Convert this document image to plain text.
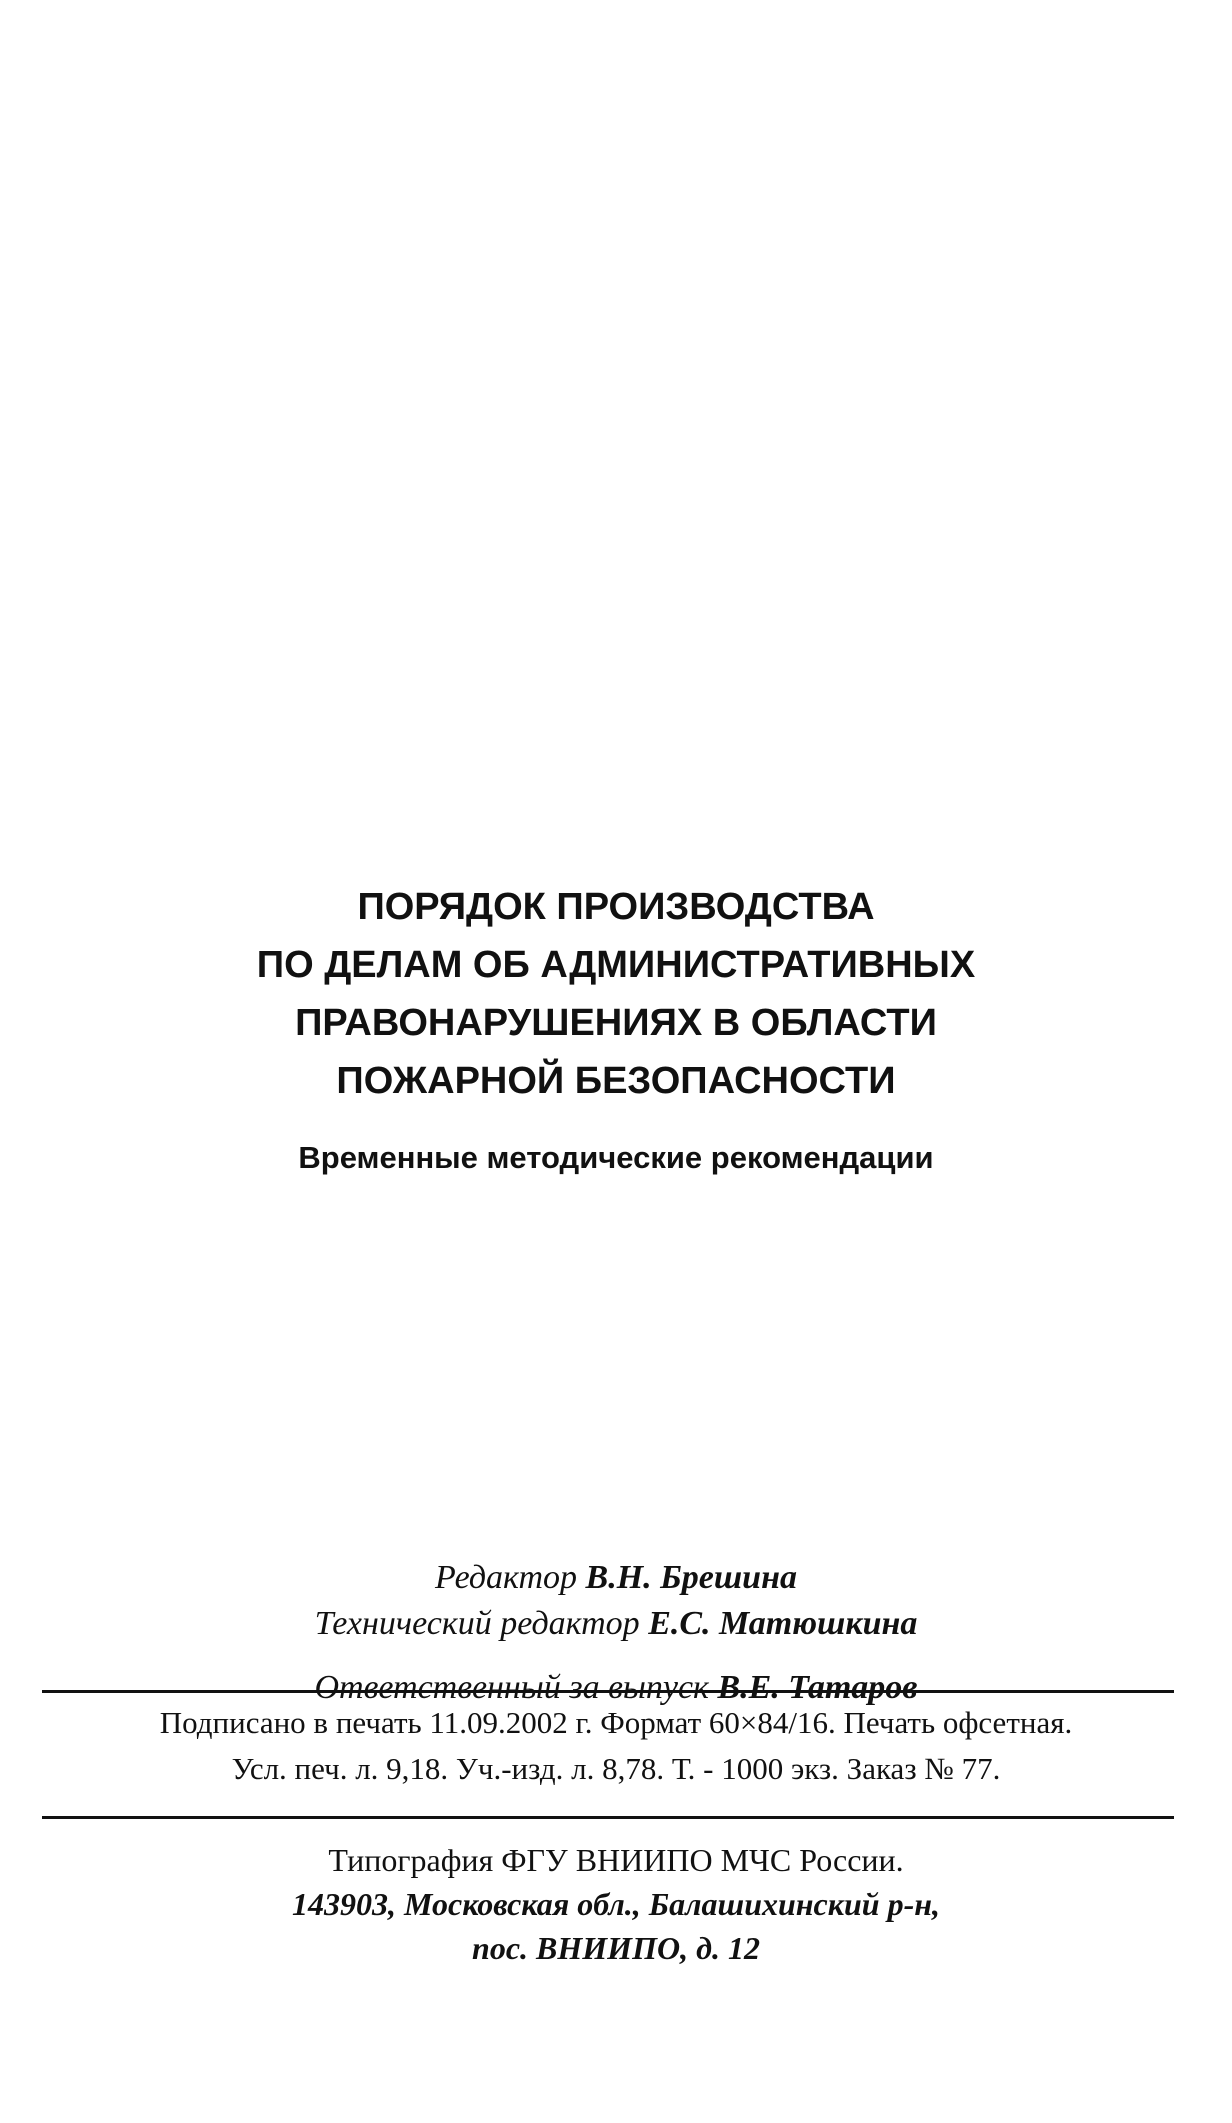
ПОРЯДОК ПРОИЗВОДСТВА
ПО ДЕЛАМ ОБ АДМИНИСТРАТИВНЫХ
ПРАВОНАРУШЕНИЯХ В ОБЛАСТИ
ПОЖАРНОЙ БЕЗОПАСНОСТИ
Временные методические рекомендации
Редактор В.Н. Брешина
Технический редактор Е.С. Матюшкина
Ответственный за выпуск В.Е. Татаров
Подписано в печать 11.09.2002 г. Формат 60×84/16. Печать офсетная.
Усл. печ. л. 9,18. Уч.-изд. л. 8,78. Т. - 1000 экз. Заказ № 77.
Типография ФГУ ВНИИПО МЧС России.
143903, Московская обл., Балашихинский р-н,
пос. ВНИИПО, д. 12
